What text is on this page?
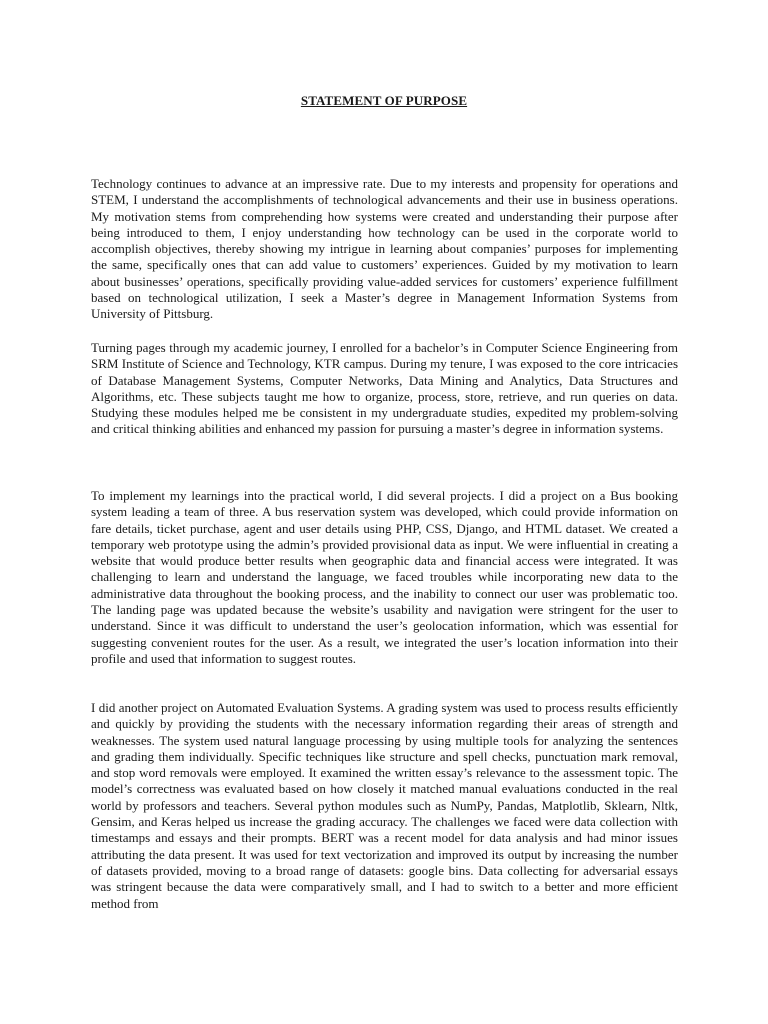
STATEMENT OF PURPOSE

Technology continues to advance at an impressive rate. Due to my interests and propensity for operations and STEM, I understand the accomplishments of technological advancements and their use in business operations. My motivation stems from comprehending how systems were created and understanding their purpose after being introduced to them, I enjoy understanding how technology can be used in the corporate world to accomplish objectives, thereby showing my intrigue in learning about companies’ purposes for implementing the same, specifically ones that can add value to customers’ experiences. Guided by my motivation to learn about businesses’ operations, specifically providing value-added services for customers’ experience fulfillment based on technological utilization, I seek a Master’s degree in Management Information Systems from University of Pittsburg.

Turning pages through my academic journey, I enrolled for a bachelor’s in Computer Science Engineering from SRM Institute of Science and Technology, KTR campus. During my tenure, I was exposed to the core intricacies of Database Management Systems, Computer Networks, Data Mining and Analytics, Data Structures and Algorithms, etc. These subjects taught me how to organize, process, store, retrieve, and run queries on data. Studying these modules helped me be consistent in my undergraduate studies, expedited my problem-solving and critical thinking abilities and enhanced my passion for pursuing a master’s degree in information systems.

To implement my learnings into the practical world, I did several projects. I did a project on a Bus booking system leading a team of three. A bus reservation system was developed, which could provide information on fare details, ticket purchase, agent and user details using PHP, CSS, Django, and HTML dataset. We created a temporary web prototype using the admin’s provided provisional data as input. We were influential in creating a website that would produce better results when geographic data and financial access were integrated. It was challenging to learn and understand the language, we faced troubles while incorporating new data to the administrative data throughout the booking process, and the inability to connect our user was problematic too. The landing page was updated because the website’s usability and navigation were stringent for the user to understand. Since it was difficult to understand the user’s geolocation information, which was essential for suggesting convenient routes for the user. As a result, we integrated the user’s location information into their profile and used that information to suggest routes.

I did another project on Automated Evaluation Systems. A grading system was used to process results efficiently and quickly by providing the students with the necessary information regarding their areas of strength and weaknesses. The system used natural language processing by using multiple tools for analyzing the sentences and grading them individually. Specific techniques like structure and spell checks, punctuation mark removal, and stop word removals were employed. It examined the written essay’s relevance to the assessment topic. The model’s correctness was evaluated based on how closely it matched manual evaluations conducted in the real world by professors and teachers. Several python modules such as NumPy, Pandas, Matplotlib, Sklearn, Nltk, Gensim, and Keras helped us increase the grading accuracy. The challenges we faced were data collection with timestamps and essays and their prompts. BERT was a recent model for data analysis and had minor issues attributing the data present. It was used for text vectorization and improved its output by increasing the number of datasets provided, moving to a broad range of datasets: google bins. Data collecting for adversarial essays was stringent because the data were comparatively small, and I had to switch to a better and more efficient method from
